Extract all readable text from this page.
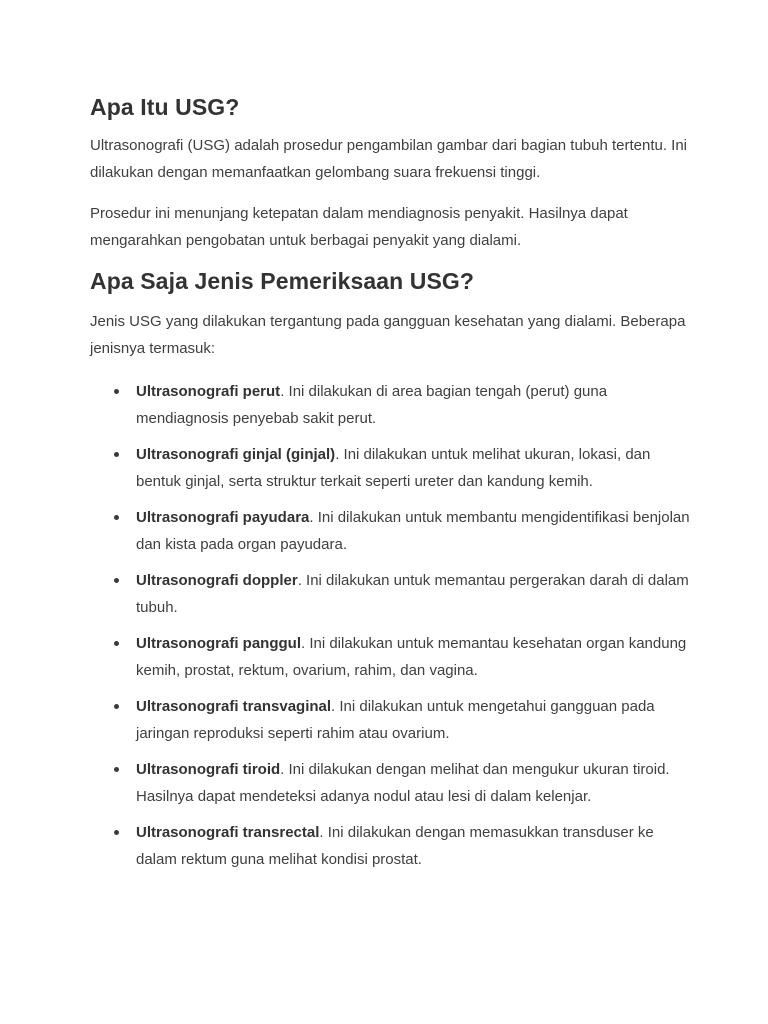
Apa Itu USG?

Ultrasonografi (USG) adalah prosedur pengambilan gambar dari bagian tubuh tertentu. Ini dilakukan dengan memanfaatkan gelombang suara frekuensi tinggi.

Prosedur ini menunjang ketepatan dalam mendiagnosis penyakit. Hasilnya dapat mengarahkan pengobatan untuk berbagai penyakit yang dialami.

Apa Saja Jenis Pemeriksaan USG?

Jenis USG yang dilakukan tergantung pada gangguan kesehatan yang dialami. Beberapa jenisnya termasuk:

Ultrasonografi perut. Ini dilakukan di area bagian tengah (perut) guna mendiagnosis penyebab sakit perut.
Ultrasonografi ginjal (ginjal). Ini dilakukan untuk melihat ukuran, lokasi, dan bentuk ginjal, serta struktur terkait seperti ureter dan kandung kemih.
Ultrasonografi payudara. Ini dilakukan untuk membantu mengidentifikasi benjolan dan kista pada organ payudara.
Ultrasonografi doppler. Ini dilakukan untuk memantau pergerakan darah di dalam tubuh.
Ultrasonografi panggul. Ini dilakukan untuk memantau kesehatan organ kandung kemih, prostat, rektum, ovarium, rahim, dan vagina.
Ultrasonografi transvaginal. Ini dilakukan untuk mengetahui gangguan pada jaringan reproduksi seperti rahim atau ovarium.
Ultrasonografi tiroid. Ini dilakukan dengan melihat dan mengukur ukuran tiroid. Hasilnya dapat mendeteksi adanya nodul atau lesi di dalam kelenjar.
Ultrasonografi transrectal. Ini dilakukan dengan memasukkan transduser ke dalam rektum guna melihat kondisi prostat.
